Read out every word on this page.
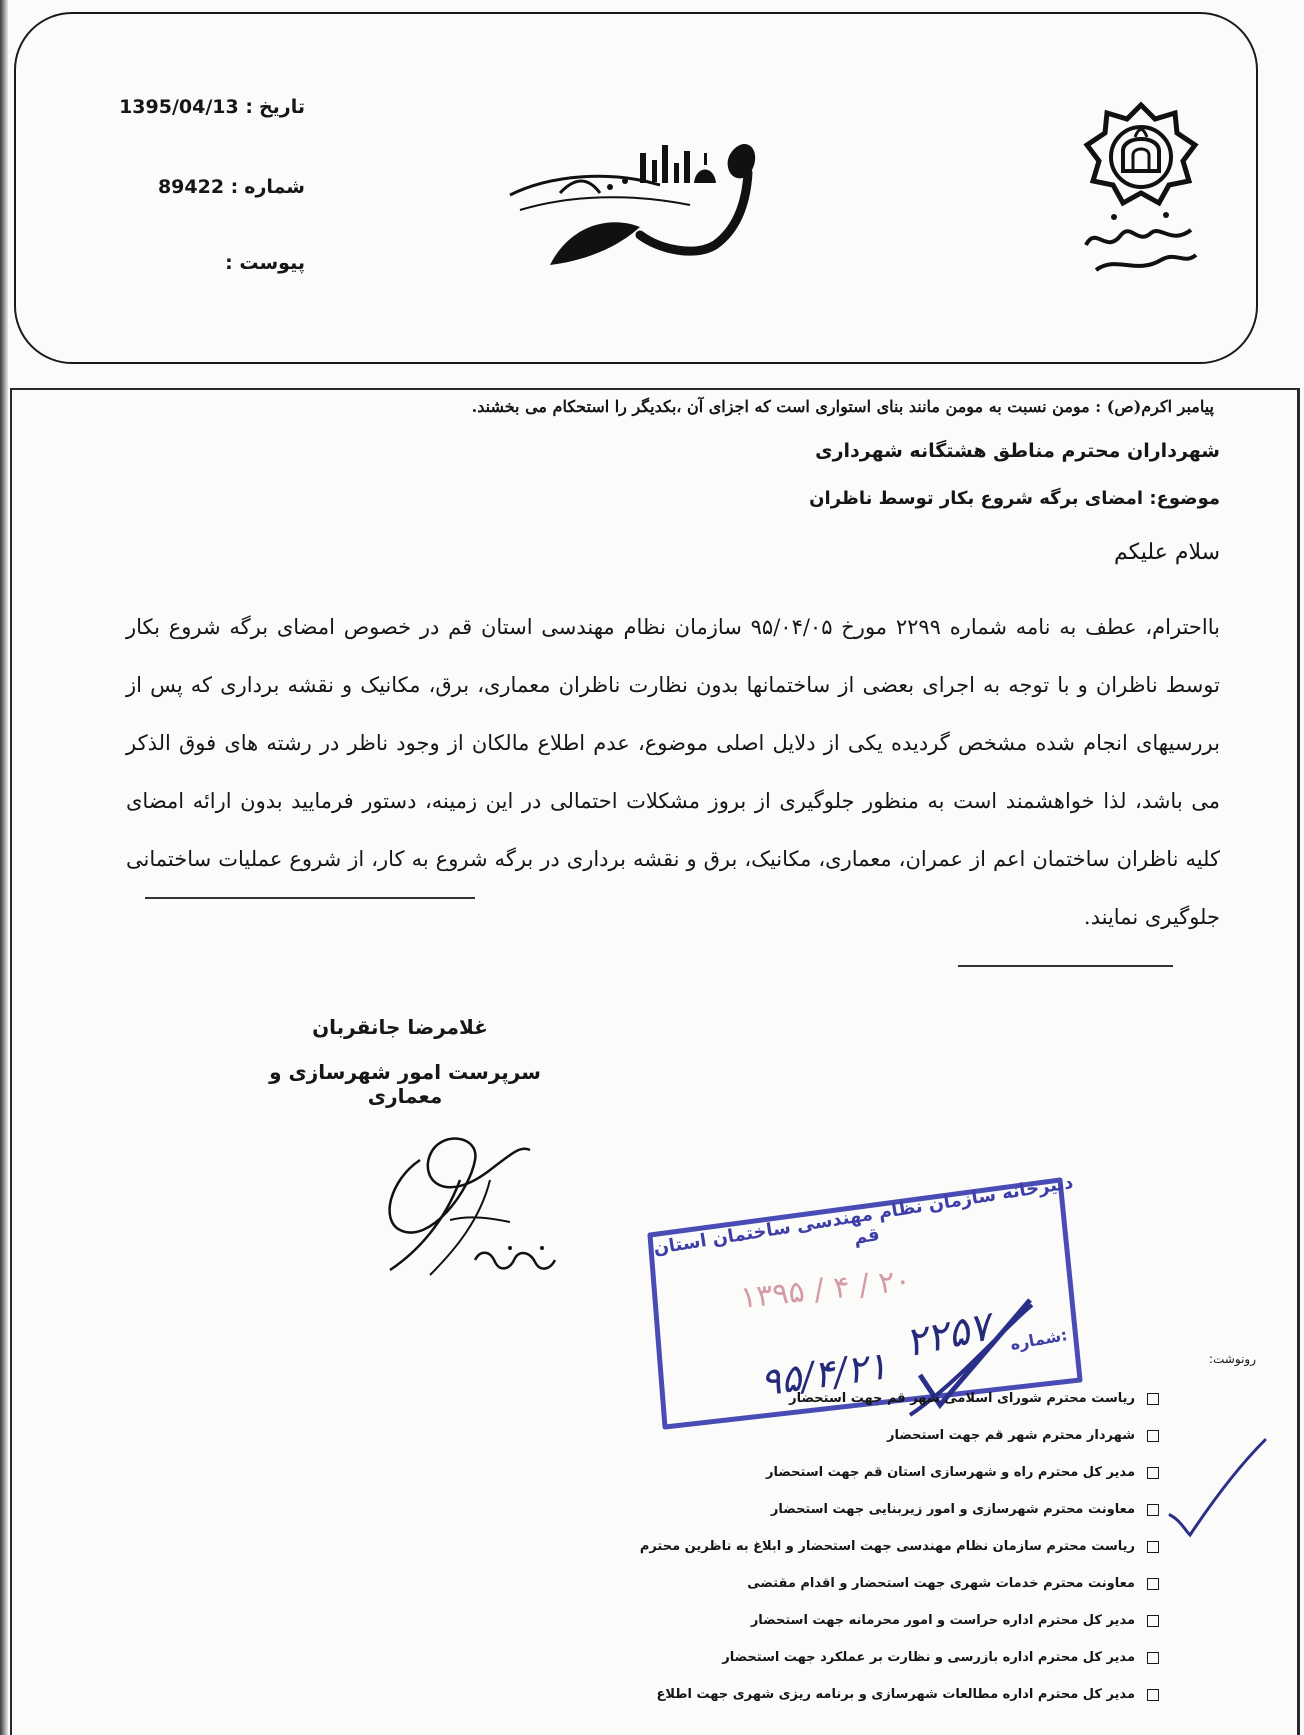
تاریخ: 1395/04/13
شماره: 89422
پیوست :
پیامبر اکرم(ص) : مومن نسبت به مومن مانند بنای استواری است که اجزای آن ،بکدیگر را استحکام می بخشند.
شهرداران محترم مناطق هشتگانه شهرداری
موضوع: امضای برگه شروع بکار توسط ناظران
سلام علیکم
بااحترام، عطف به نامه شماره ۲۲۹۹ مورخ ۹۵/۰۴/۰۵ سازمان نظام مهندسی استان قم در خصوص امضای برگه شروع بکار توسط ناظران و با توجه به اجرای بعضی از ساختمانها بدون نظارت ناظران معماری، برق، مکانیک و نقشه برداری که پس از بررسیهای انجام شده مشخص گردیده یکی از دلایل اصلی موضوع، عدم اطلاع مالکان از وجود ناظر در رشته های فوق الذکر می باشد، لذا خواهشمند است به منظور جلوگیری از بروز مشکلات احتمالی در این زمینه، دستور فرمایید بدون ارائه امضای کلیه ناظران ساختمان اعم از عمران، معماری، مکانیک، برق و نقشه برداری در برگه شروع به کار، از شروع عملیات ساختمانی جلوگیری نمایند.
غلامرضا جانقربان
سرپرست امور شهرسازی و معماری
دبیرخانه سازمان نظام مهندسی ساختمان استان قم
۱۳۹۵ / ۴ / ۲۰
شماره:
۲۲۵۷
۹۵/۴/۲۱	رونوشت:
ریاست محترم شورای اسلامی شهر قم جهت استحضار
شهردار محترم شهر قم جهت استحضار
مدیر کل محترم راه و شهرسازی استان قم جهت استحضار
معاونت محترم شهرسازی و امور زیربنایی جهت استحضار
ریاست محترم سازمان نظام مهندسی جهت استحضار و ابلاغ به ناظرین محترم
معاونت محترم خدمات شهری جهت استحضار و اقدام مقتضی
مدیر کل محترم اداره حراست و امور محرمانه جهت استحضار
مدیر کل محترم اداره بازرسی و نظارت بر عملکرد جهت استحضار
مدیر کل محترم اداره مطالعات شهرسازی و برنامه ریزی شهری جهت اطلاع
